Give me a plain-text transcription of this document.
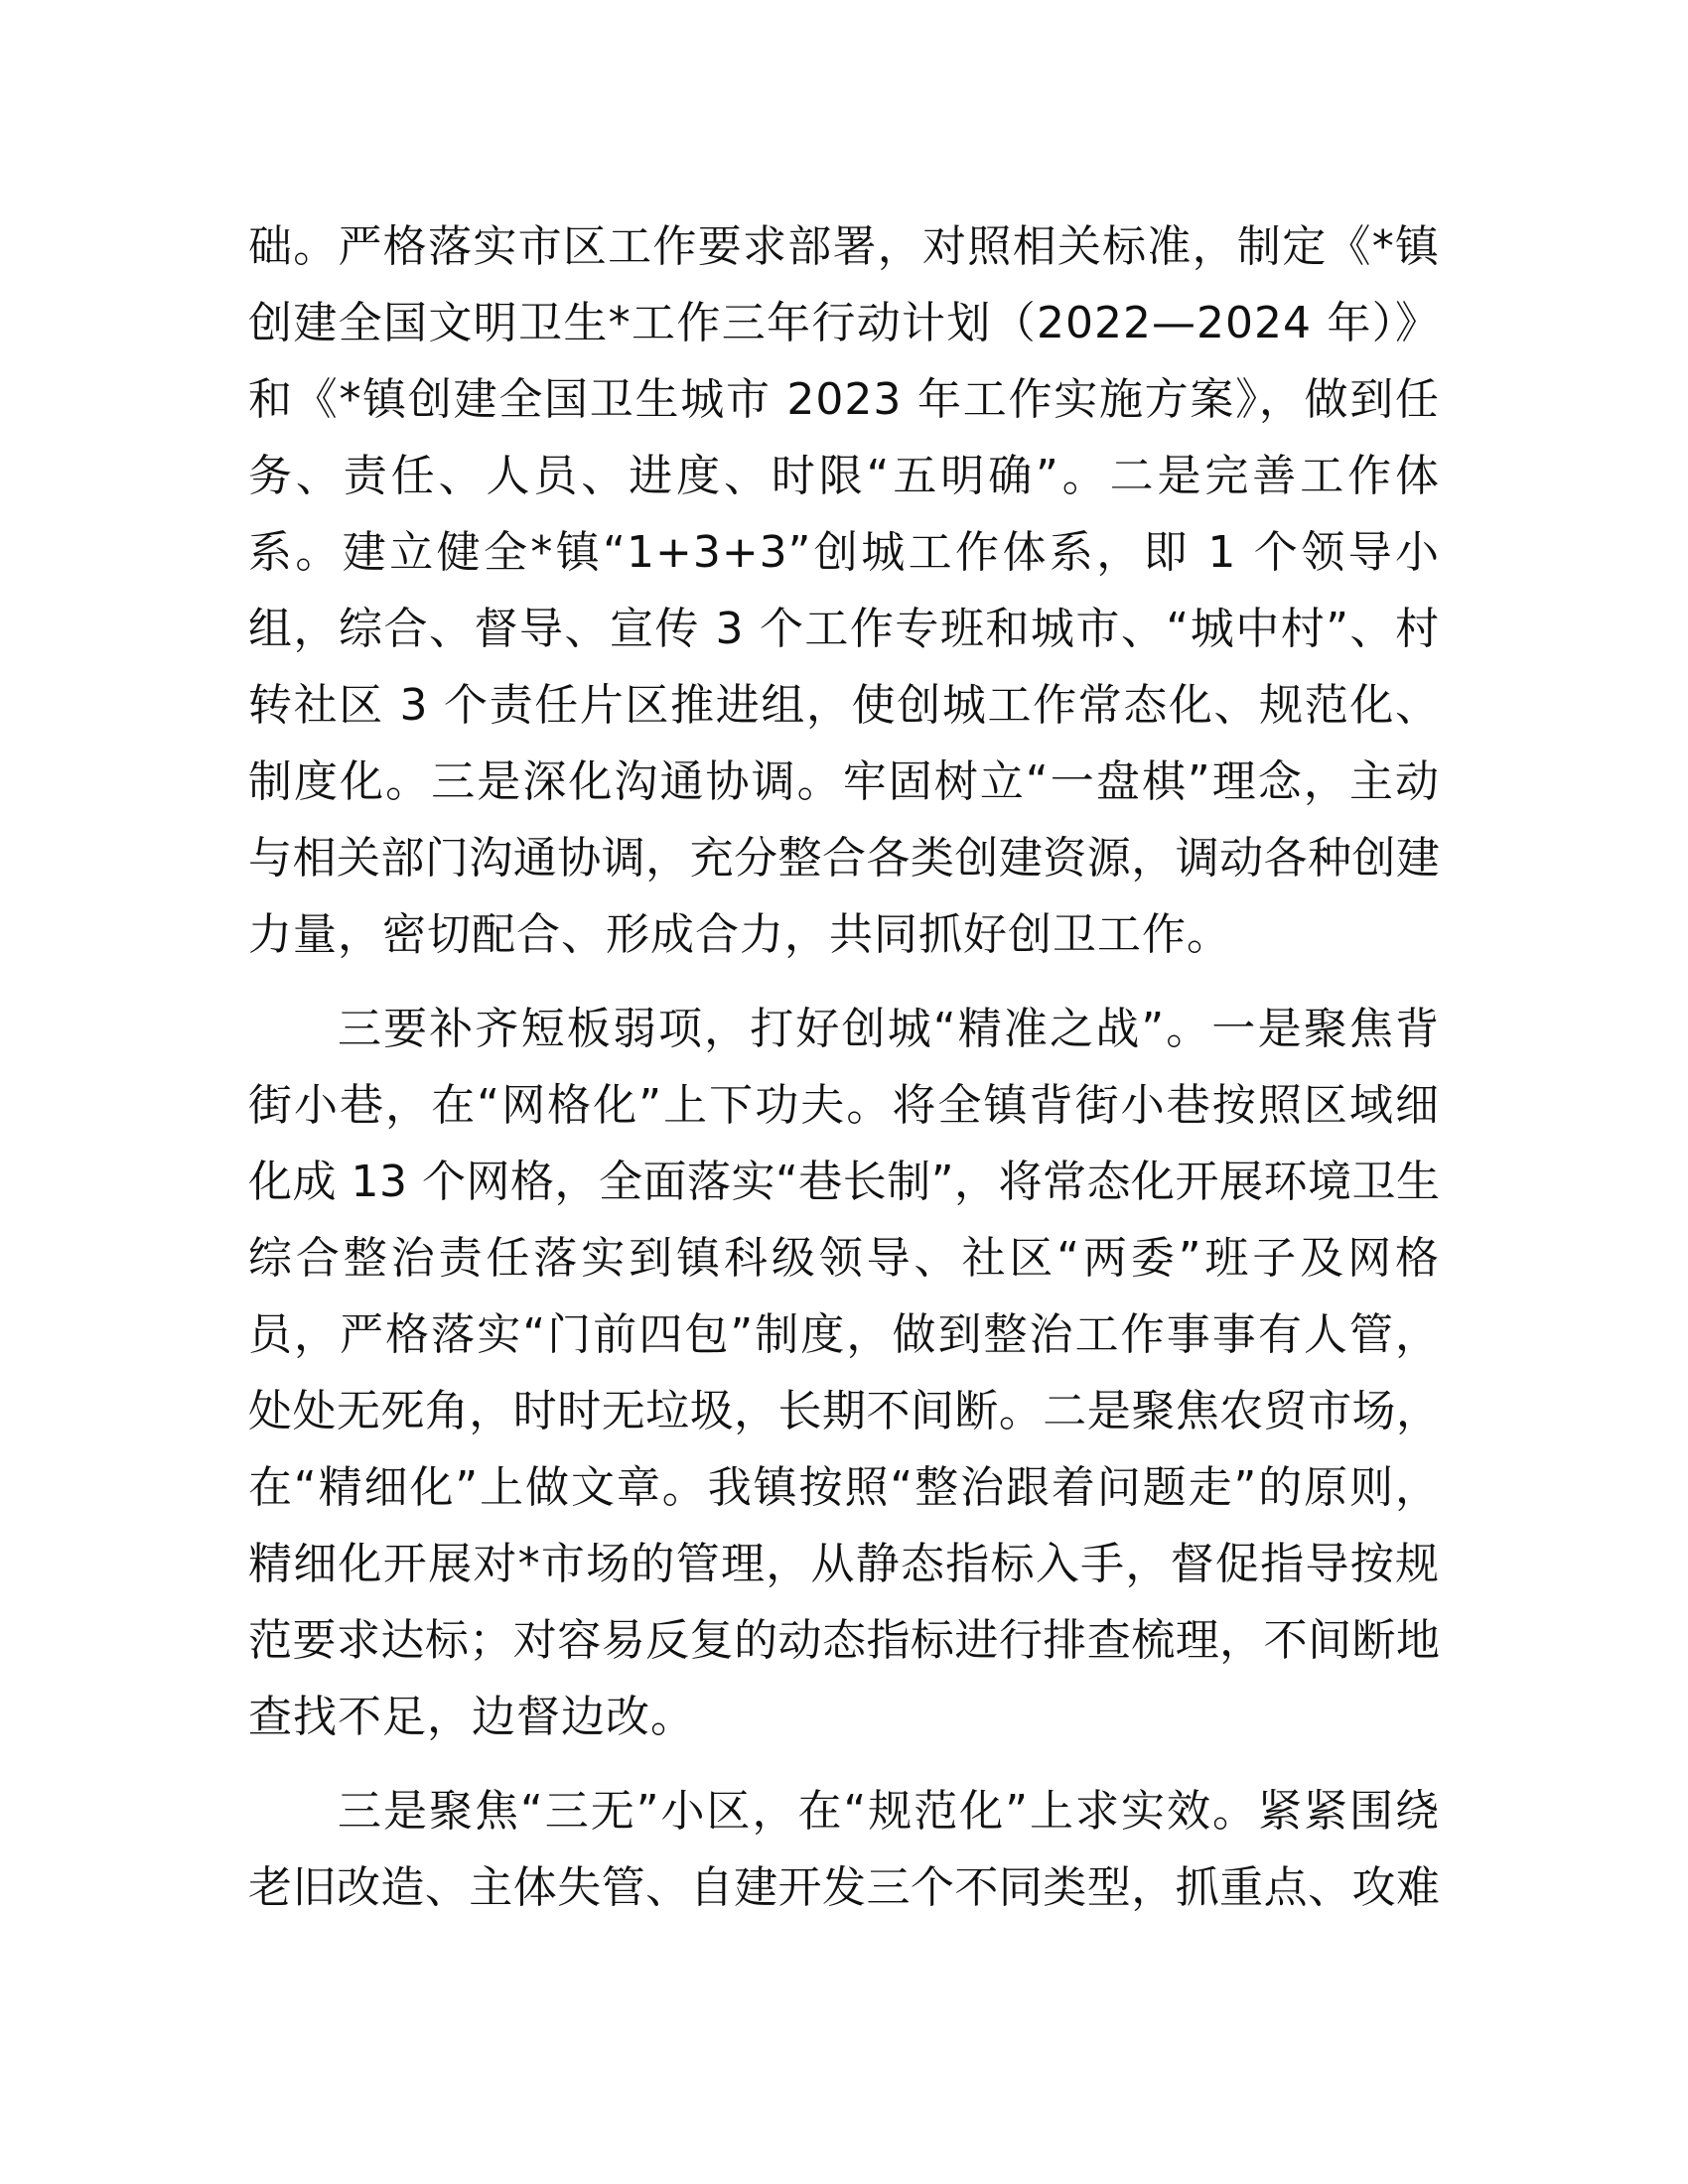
础。严格落实市区工作要求部署，对照相关标准，制定《*镇
创建全国文明卫生*工作三年行动计划（2022—2024 年）》
和《*镇创建全国卫生城市 2023 年工作实施方案》，做到任
务、责任、人员、进度、时限“五明确”。二是完善工作体
系。建立健全*镇“1+3+3”创城工作体系，即 1 个领导小
组，综合、督导、宣传 3 个工作专班和城市、“城中村”、村
转社区 3 个责任片区推进组，使创城工作常态化、规范化、
制度化。三是深化沟通协调。牢固树立“一盘棋”理念，主动
与相关部门沟通协调，充分整合各类创建资源，调动各种创建
力量，密切配合、形成合力，共同抓好创卫工作。
三要补齐短板弱项，打好创城“精准之战”。一是聚焦背
街小巷，在“网格化”上下功夫。将全镇背街小巷按照区域细
化成 13 个网格，全面落实“巷长制”，将常态化开展环境卫生
综合整治责任落实到镇科级领导、社区“两委”班子及网格
员，严格落实“门前四包”制度，做到整治工作事事有人管，
处处无死角，时时无垃圾，长期不间断。二是聚焦农贸市场，
在“精细化”上做文章。我镇按照“整治跟着问题走”的原则，
精细化开展对*市场的管理，从静态指标入手，督促指导按规
范要求达标；对容易反复的动态指标进行排查梳理，不间断地
查找不足，边督边改。
三是聚焦“三无”小区，在“规范化”上求实效。紧紧围绕
老旧改造、主体失管、自建开发三个不同类型，抓重点、攻难
